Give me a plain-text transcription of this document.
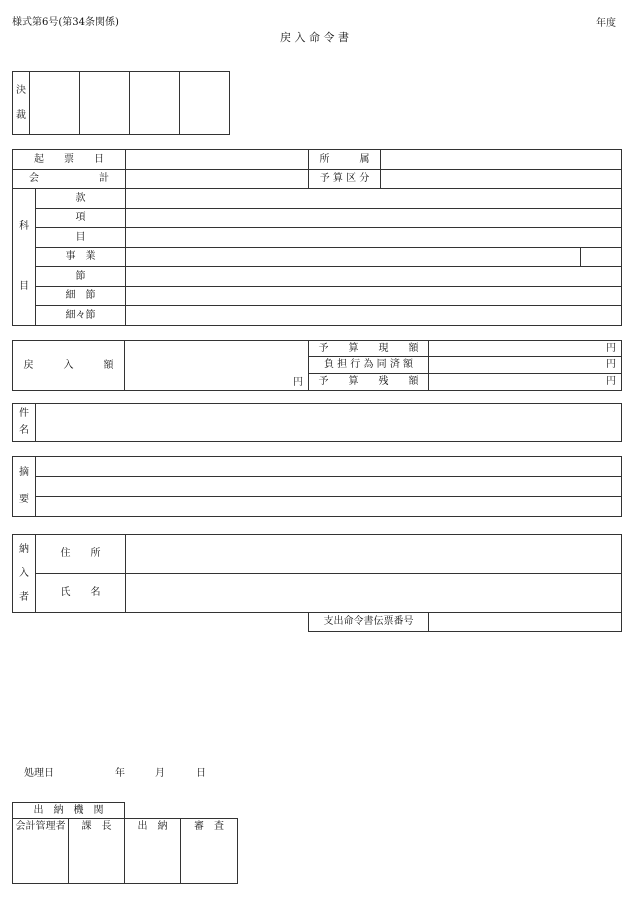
様式第6号(第34条関係)	年度
戻 入 命 令 書
決
裁

起　　票　　日			所　　　属		
会　　　　　　計			予 算 区 分		

科
目	款				
	項				
	目				
	事　業				
	節				
	細　節				
	細々節				
戻　　　入　　　額	円	予　　算　　現　　額	円
		負 担 行 為 同 済 額	円
		予　　算　　残　　額	円
件
名

摘
要

納
入
者	住　　所	
	氏　　名	
支出命令書伝票番号	
処理日	年	月	日
出　納　機　関
会計管理者	課　長	出　納	審　査
